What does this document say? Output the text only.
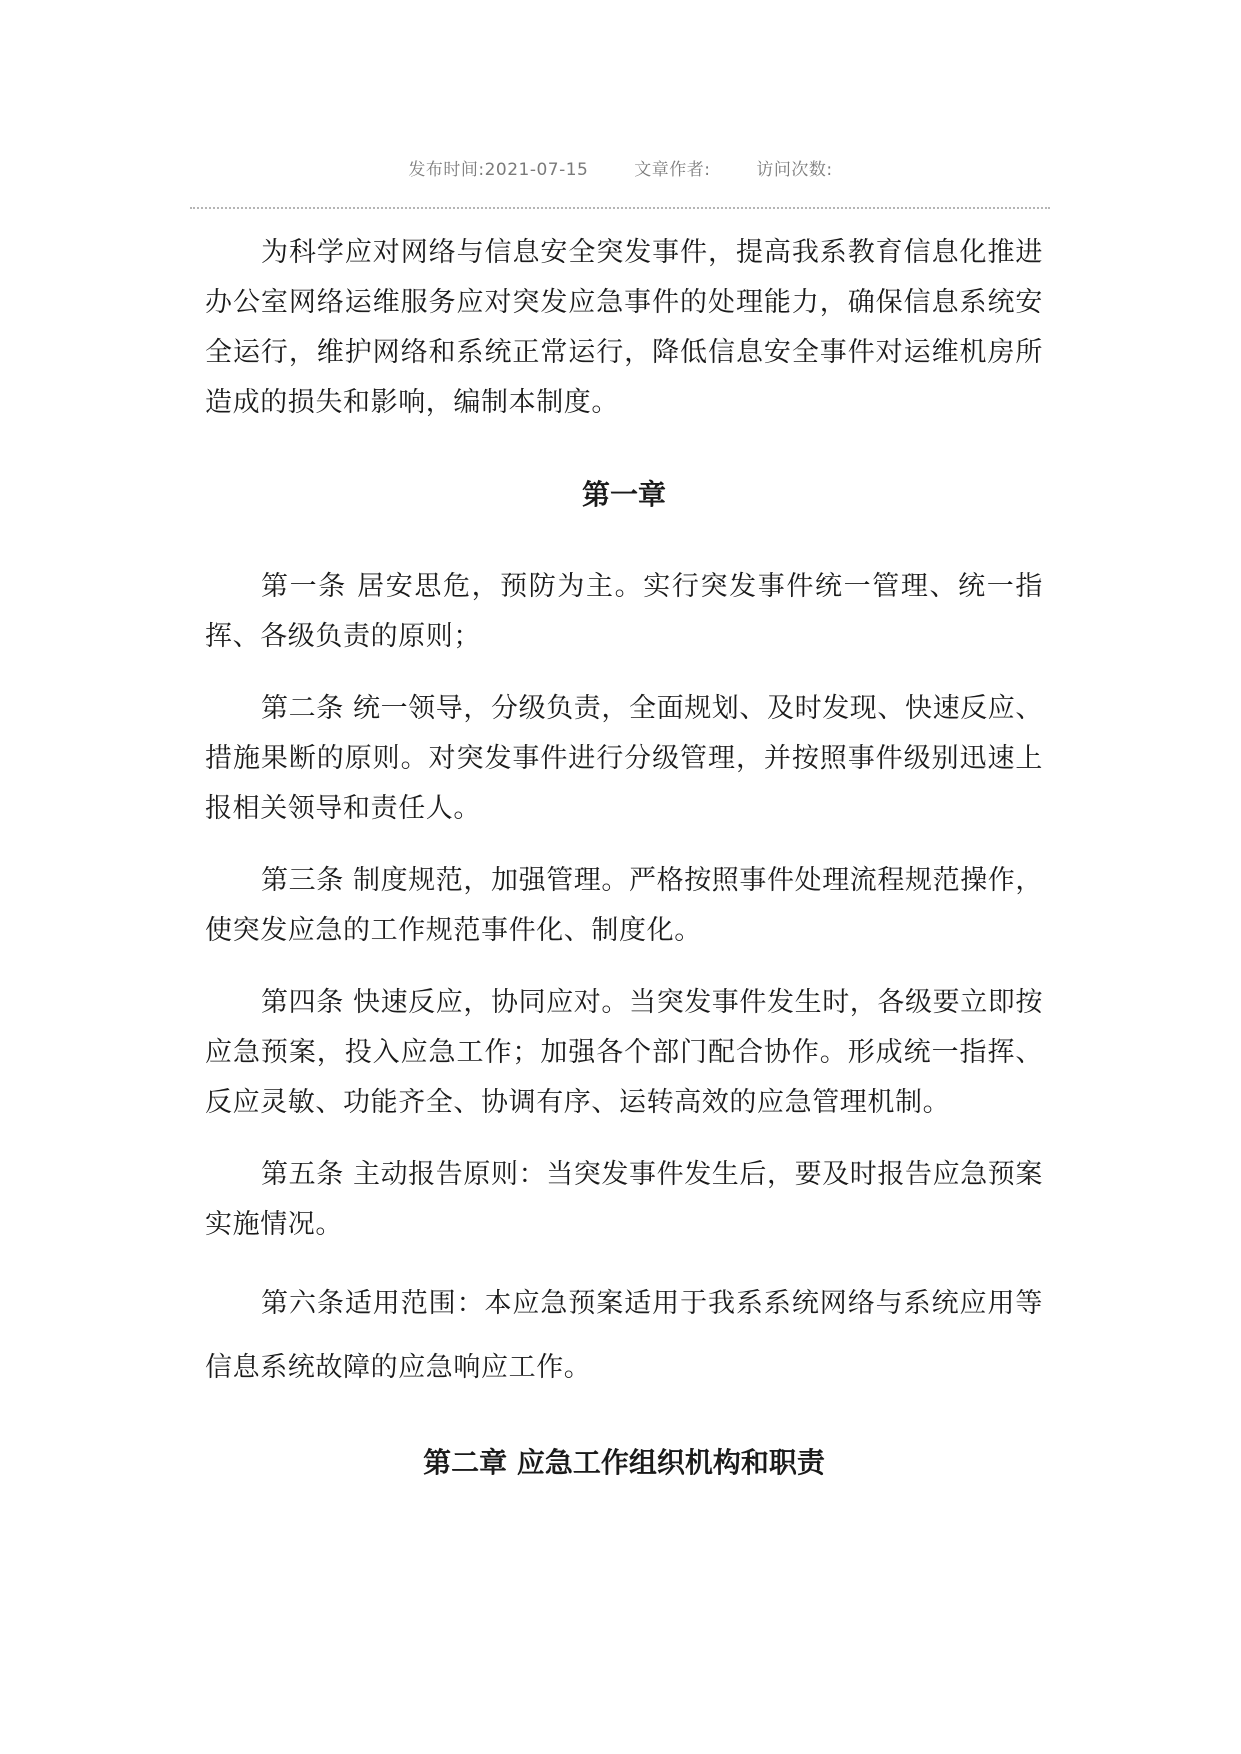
发布时间:2021-07-15	文章作者:	访问次数:

为科学应对网络与信息安全突发事件，提高我系教育信息化推进办公室网络运维服务应对突发应急事件的处理能力，确保信息系统安全运行，维护网络和系统正常运行，降低信息安全事件对运维机房所造成的损失和影响，编制本制度。

第一章

第一条 居安思危，预防为主。实行突发事件统一管理、统一指挥、各级负责的原则；

第二条 统一领导，分级负责，全面规划、及时发现、快速反应、措施果断的原则。对突发事件进行分级管理，并按照事件级别迅速上报相关领导和责任人。

第三条 制度规范，加强管理。严格按照事件处理流程规范操作，使突发应急的工作规范事件化、制度化。

第四条 快速反应，协同应对。当突发事件发生时，各级要立即按应急预案，投入应急工作；加强各个部门配合协作。形成统一指挥、反应灵敏、功能齐全、协调有序、运转高效的应急管理机制。

第五条 主动报告原则：当突发事件发生后，要及时报告应急预案实施情况。

第六条适用范围：本应急预案适用于我系系统网络与系统应用等信息系统故障的应急响应工作。

第二章 应急工作组织机构和职责
